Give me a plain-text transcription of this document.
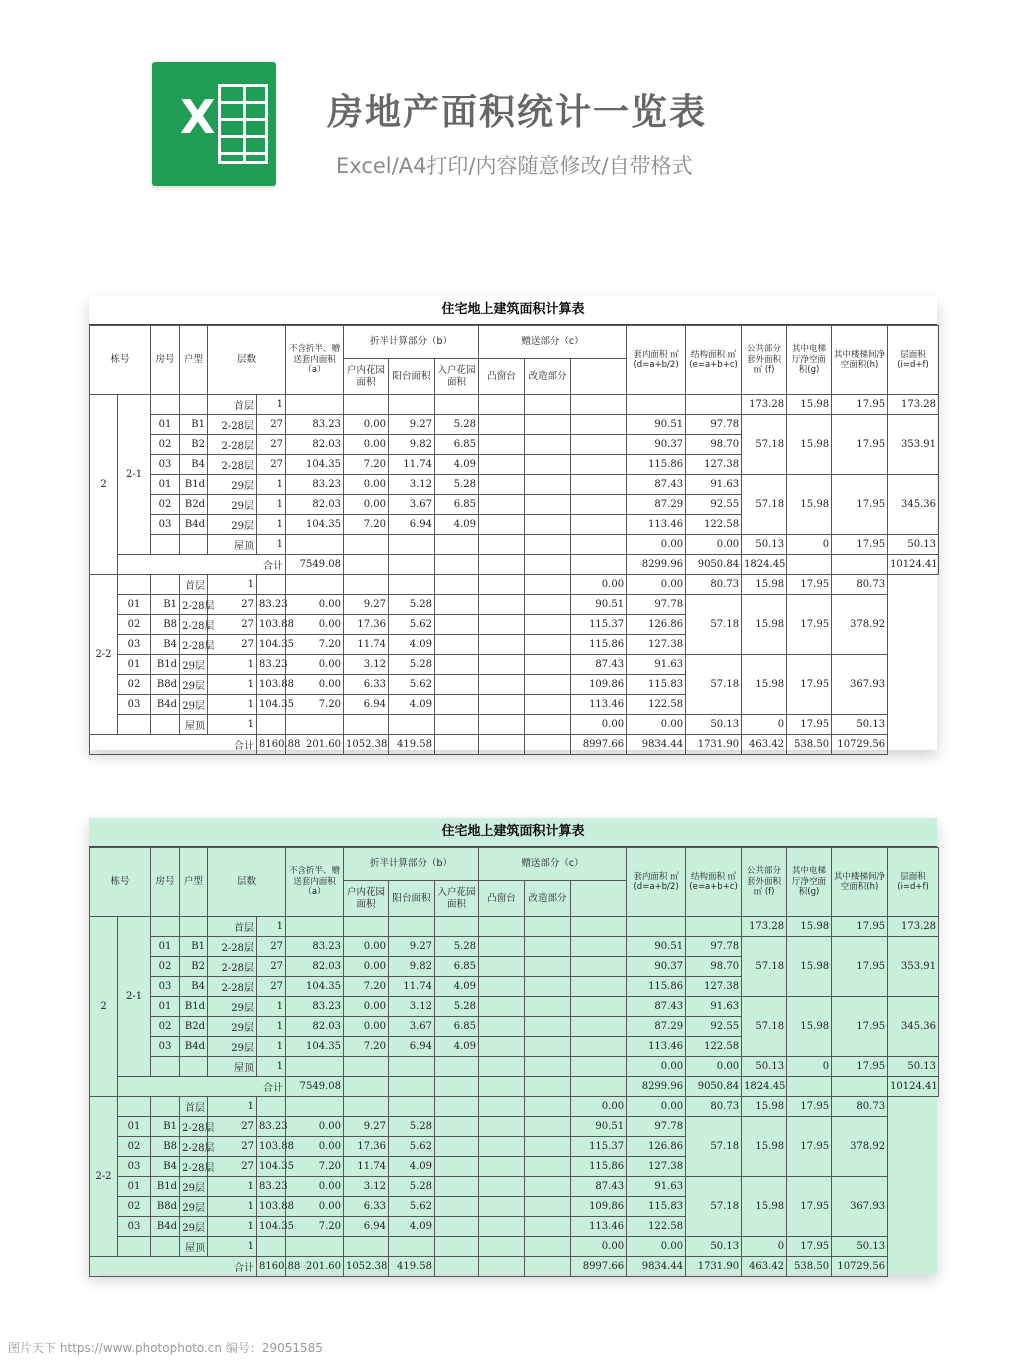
X	房地产面积统计一览表
Excel/A4打印/内容随意修改/自带格式
住宅地上建筑面积计算表
栋号		房号	户型	层数		不含折半、赠送套内面积（a）	折半计算部分（b）			赠送部分（c）			套内面积 ㎡ (d=a+b/2)	结构面积 ㎡ (e=a+b+c)	公共部分套外面积㎡ (f)	其中电梯厅净空面积(g)	其中楼梯间净空面积(h)	层面积 (i=d+f)
							户内花园面积	阳台面积	入户花园面积	凸窗台	改造部分							
2	2-1			首层	1										173.28	15.98	17.95	173.28
		01	B1	2-28层	27	83.23	0.00	9.27	5.28				90.51	97.78	57.18	15.98	17.95	353.91
		02	B2	2-28层	27	82.03	0.00	9.82	6.85				90.37	98.70				
		03	B4	2-28层	27	104.35	7.20	11.74	4.09				115.86	127.38				
		01	B1d	29层	1	83.23	0.00	3.12	5.28				87.43	91.63	57.18	15.98	17.95	345.36
		02	B2d	29层	1	82.03	0.00	3.67	6.85				87.29	92.55				
		03	B4d	29层	1	104.35	7.20	6.94	4.09				113.46	122.58				
				屋顶	1								0.00	0.00	50.13	0	17.95	50.13
	合计					7549.08							8299.96	9050.84	1824.45			10124.41
2-2			首层	1								0.00	0.00	80.73	15.98	17.95	80.73	
	01	B1	2-28层	27	83.23	0.00	9.27	5.28				90.51	97.78	57.18	15.98	17.95	378.92	
	02	B8	2-28层	27	103.88	0.00	17.36	5.62				115.37	126.86					
	03	B4	2-28层	27	104.35	7.20	11.74	4.09				115.86	127.38					
	01	B1d	29层	1	83.23	0.00	3.12	5.28				87.43	91.63	57.18	15.98	17.95	367.93	
	02	B8d	29层	1	103.88	0.00	6.33	5.62				109.86	115.83					
	03	B4d	29层	1	104.35	7.20	6.94	4.09				113.46	122.58					
			屋顶	1								0.00	0.00	50.13	0	17.95	50.13	
合计					8160.88	201.60	1052.38	419.58				8997.66	9834.44	1731.90	463.42	538.50	10729.56	
住宅地上建筑面积计算表
栋号		房号	户型	层数		不含折半、赠送套内面积（a）	折半计算部分（b）			赠送部分（c）			套内面积 ㎡ (d=a+b/2)	结构面积 ㎡ (e=a+b+c)	公共部分套外面积㎡ (f)	其中电梯厅净空面积(g)	其中楼梯间净空面积(h)	层面积 (i=d+f)
							户内花园面积	阳台面积	入户花园面积	凸窗台	改造部分							
2	2-1			首层	1										173.28	15.98	17.95	173.28
		01	B1	2-28层	27	83.23	0.00	9.27	5.28				90.51	97.78	57.18	15.98	17.95	353.91
		02	B2	2-28层	27	82.03	0.00	9.82	6.85				90.37	98.70				
		03	B4	2-28层	27	104.35	7.20	11.74	4.09				115.86	127.38				
		01	B1d	29层	1	83.23	0.00	3.12	5.28				87.43	91.63	57.18	15.98	17.95	345.36
		02	B2d	29层	1	82.03	0.00	3.67	6.85				87.29	92.55				
		03	B4d	29层	1	104.35	7.20	6.94	4.09				113.46	122.58				
				屋顶	1								0.00	0.00	50.13	0	17.95	50.13
	合计					7549.08							8299.96	9050.84	1824.45			10124.41
2-2			首层	1								0.00	0.00	80.73	15.98	17.95	80.73	
	01	B1	2-28层	27	83.23	0.00	9.27	5.28				90.51	97.78	57.18	15.98	17.95	378.92	
	02	B8	2-28层	27	103.88	0.00	17.36	5.62				115.37	126.86					
	03	B4	2-28层	27	104.35	7.20	11.74	4.09				115.86	127.38					
	01	B1d	29层	1	83.23	0.00	3.12	5.28				87.43	91.63	57.18	15.98	17.95	367.93	
	02	B8d	29层	1	103.88	0.00	6.33	5.62				109.86	115.83					
	03	B4d	29层	1	104.35	7.20	6.94	4.09				113.46	122.58					
			屋顶	1								0.00	0.00	50.13	0	17.95	50.13	
合计					8160.88	201.60	1052.38	419.58				8997.66	9834.44	1731.90	463.42	538.50	10729.56	
图片天下 https://www.photophoto.cn 编号：29051585
